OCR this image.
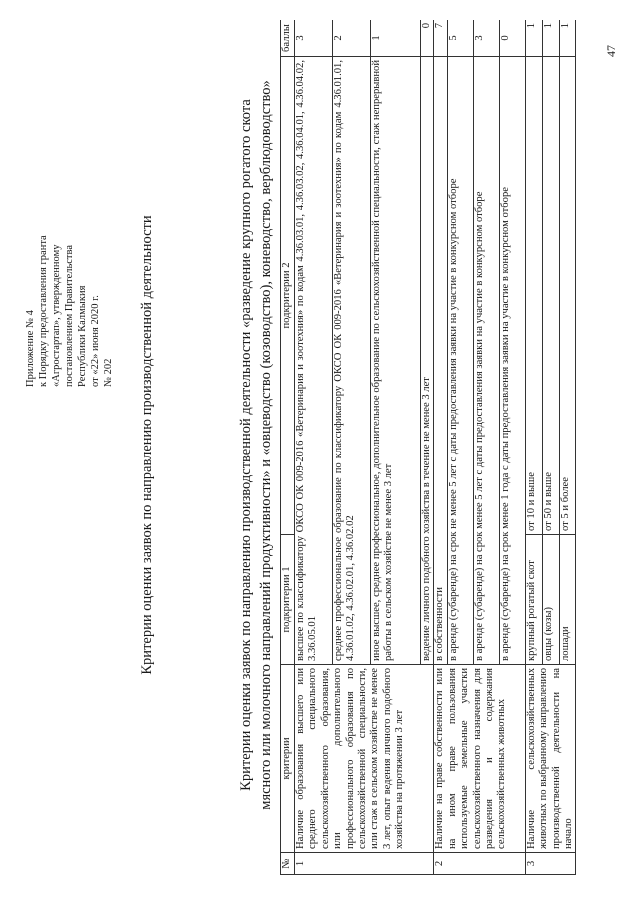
Приложение № 4 к Порядку предоставления гранта «Агростартап», утвержденному постановлением Правительства Республики Калмыкия от «22» июня 2020 г. № 202 Критерии оценки заявок по направлению производственной деятельности	Критерии оценки заявок по направлению производственной деятельности «разведение крупного рогатого скота мясного или молочного направлений продуктивности» и «овцеводство (козоводство), коневодство, верблюдоводство»
№	критерии	подкритерии 1	подкритерии 2	баллы
1	Наличие образования высшего или среднего специального сельскохозяйственного образования, или дополнительного профессионального образования по сельскохозяйственной специальности, или стаж в сельском хозяйстве не менее 3 лет, опыт ведения личного подобного хозяйства на протяжении 3 лет	высшее по классификатору ОКСО ОК 009-2016 «Ветеринария и зоотехния» по кодам 4.36.03.01, 4.36.03.02, 4.36.04.01, 4.36.04.02, 3.36.05.01		3
		среднее профессиональное образование по классификатору ОКСО ОК 009-2016 «Ветеринария и зоотехния» по кодам 4.36.01.01, 4.36.01.02, 4.36.02.01, 4.36.02.02		2
		иное высшее, среднее профессиональное, дополнительное образование по сельскохозяйственной специальности, стаж непрерывной работы в сельском хозяйстве не менее 3 лет		1
		ведение личного подобного хозяйства в течение не менее 3 лет		0
2	Наличие на праве собственности или на ином праве пользования используемые земельные участки сельскохозяйственного назначения для разведения и содержания сельскохозяйственных животных	в собственности		7
		в аренде (субаренде) на срок не менее 5 лет с даты предоставления заявки на участие в конкурсном отборе		5
		в аренде (субаренде) на срок менее 5 лет с даты предоставления заявки на участие в конкурсном отборе		3
		в аренде (субаренде) на срок менее 1 года с даты предоставления заявки на участие в конкурсном отборе		0
3	Наличие сельскохозяйственных животных по выбранному направлению производственной деятельности на начало	крупный рогатый скот	от 10 и выше	1
		овцы (козы)	от 50 и выше	1
		лошади	от 5 и более	1
47
